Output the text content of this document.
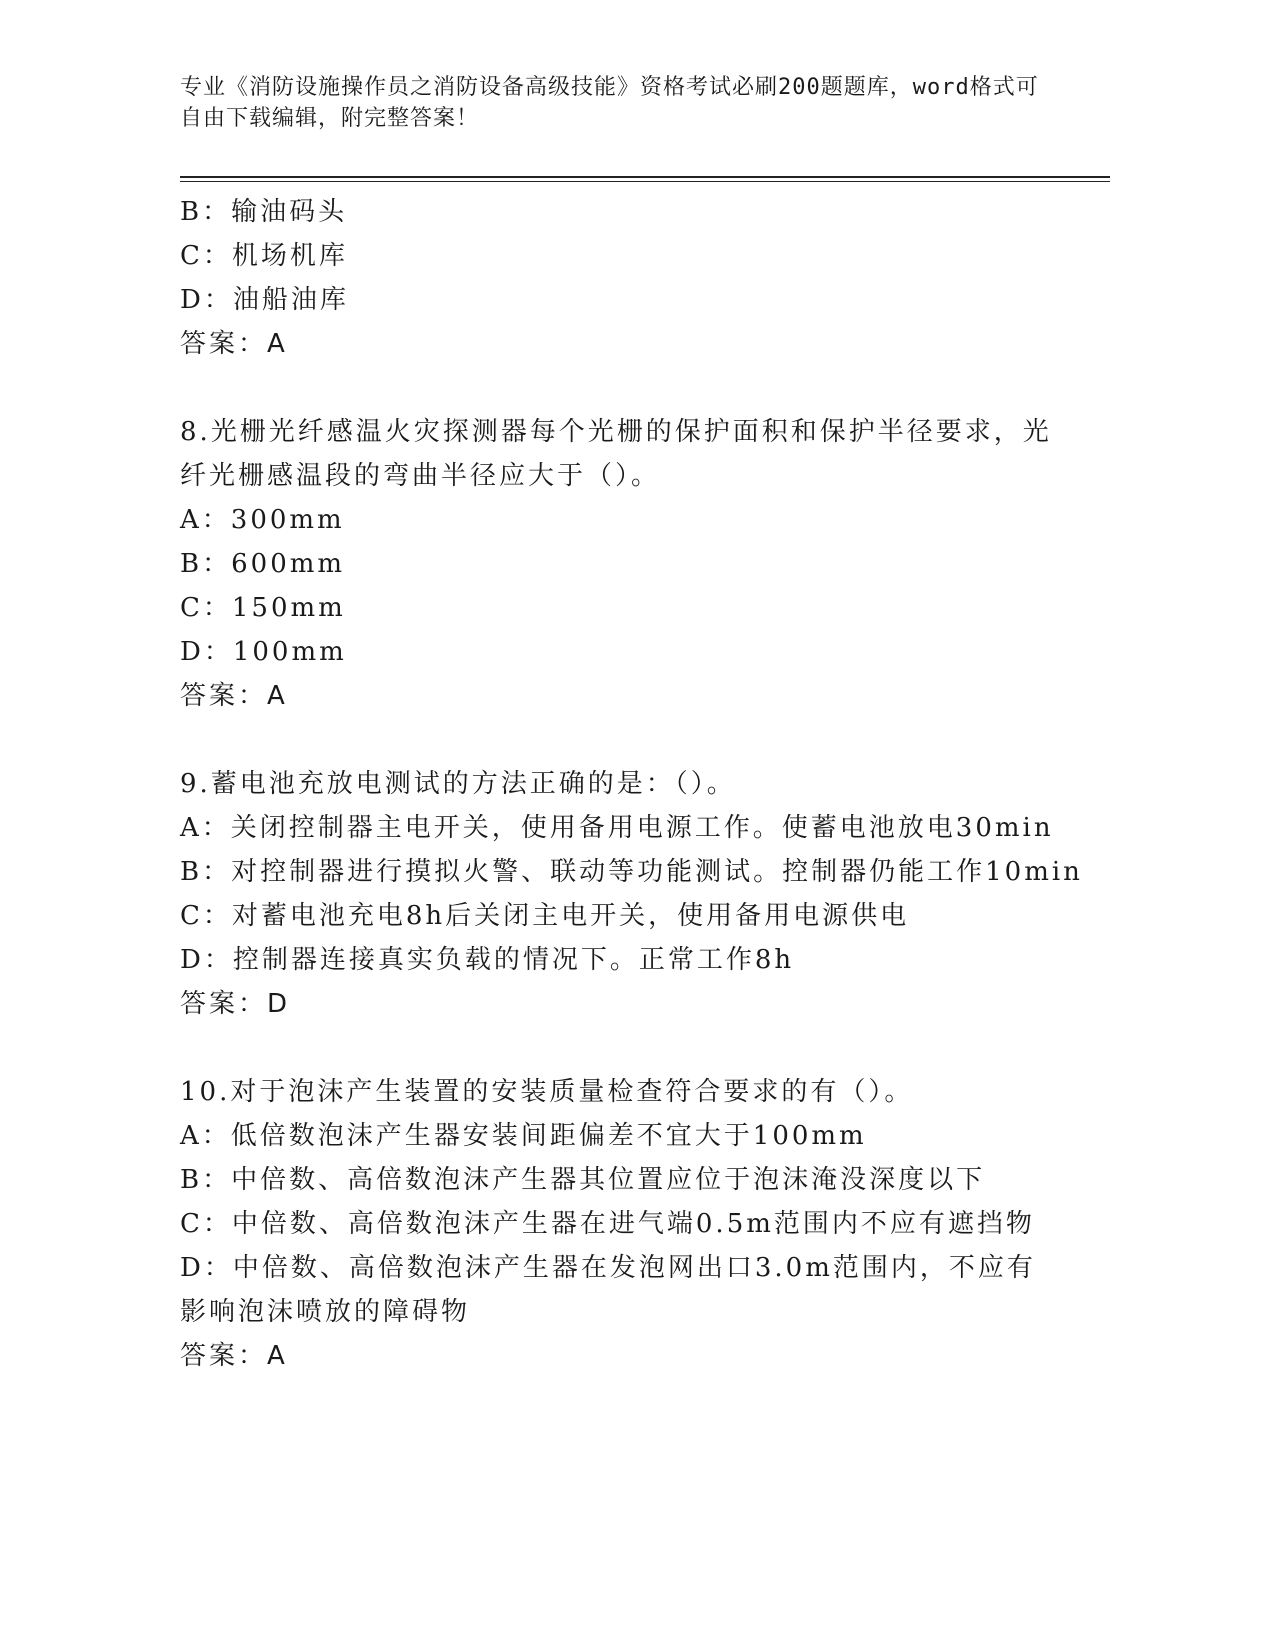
专业《消防设施操作员之消防设备高级技能》资格考试必刷200题题库，word格式可自由下载编辑，附完整答案！
B：输油码头
C：机场机库
D：油船油库
答案：A
8.光栅光纤感温火灾探测器每个光栅的保护面积和保护半径要求，光纤光栅感温段的弯曲半径应大于（）。
A：300mm
B：600mm
C：150mm
D：100mm
答案：A
9.蓄电池充放电测试的方法正确的是：（）。
A：关闭控制器主电开关，使用备用电源工作。使蓄电池放电30min
B：对控制器进行摸拟火警、联动等功能测试。控制器仍能工作10min
C：对蓄电池充电8h后关闭主电开关，使用备用电源供电
D：控制器连接真实负载的情况下。正常工作8h
答案：D
10.对于泡沫产生装置的安装质量检查符合要求的有（）。
A：低倍数泡沫产生器安装间距偏差不宜大于100mm
B：中倍数、高倍数泡沫产生器其位置应位于泡沫淹没深度以下
C：中倍数、高倍数泡沫产生器在进气端0.5m范围内不应有遮挡物
D：中倍数、高倍数泡沫产生器在发泡网出口3.0m范围内，不应有影响泡沫喷放的障碍物
答案：A
